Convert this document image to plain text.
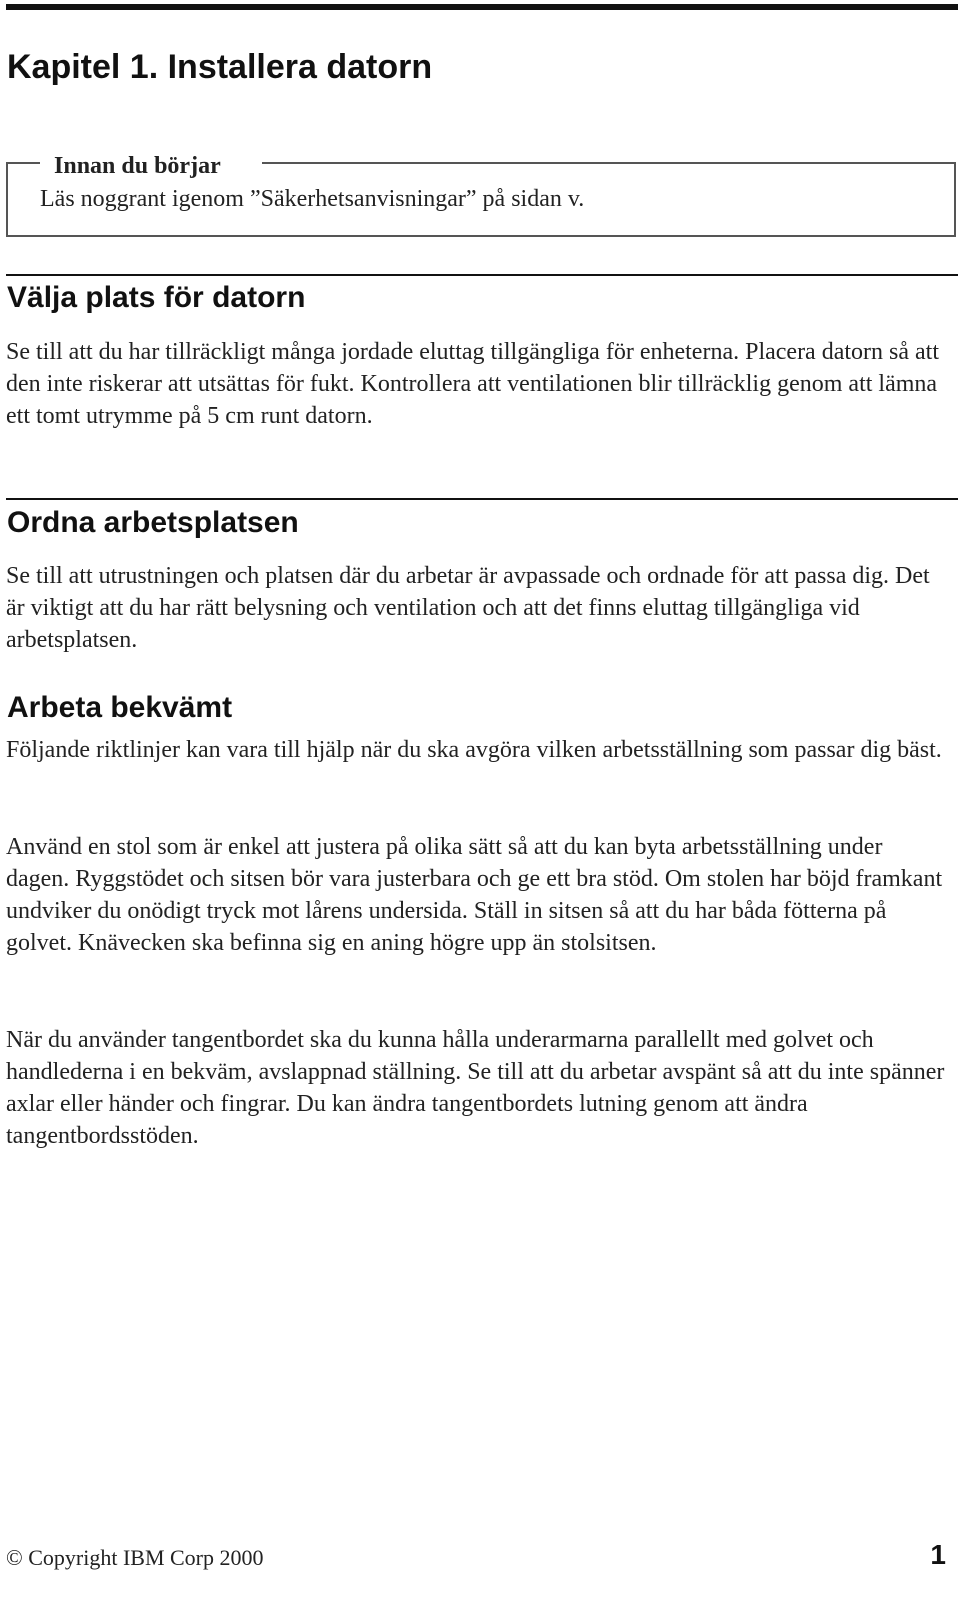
Kapitel 1. Installera datorn

Innan du börjar

Läs noggrant igenom ”Säkerhetsanvisningar” på sidan v.

Välja plats för datorn

Se till att du har tillräckligt många jordade eluttag tillgängliga för enheterna. Placera datorn så att den inte riskerar att utsättas för fukt. Kontrollera att ventilationen blir tillräcklig genom att lämna ett tomt utrymme på 5 cm runt datorn.

Ordna arbetsplatsen

Se till att utrustningen och platsen där du arbetar är avpassade och ordnade för att passa dig. Det är viktigt att du har rätt belysning och ventilation och att det finns eluttag tillgängliga vid arbetsplatsen.

Arbeta bekvämt

Följande riktlinjer kan vara till hjälp när du ska avgöra vilken arbetsställning som passar dig bäst.

Använd en stol som är enkel att justera på olika sätt så att du kan byta arbetsställning under dagen. Ryggstödet och sitsen bör vara justerbara och ge ett bra stöd. Om stolen har böjd framkant undviker du onödigt tryck mot lårens undersida. Ställ in sitsen så att du har båda fötterna på golvet. Knävecken ska befinna sig en aning högre upp än stolsitsen.

När du använder tangentbordet ska du kunna hålla underarmarna parallellt med golvet och handlederna i en bekväm, avslappnad ställning. Se till att du arbetar avspänt så att du inte spänner axlar eller händer och fingrar. Du kan ändra tangentbordets lutning genom att ändra tangentbordsstöden.

© Copyright IBM Corp 2000	1
